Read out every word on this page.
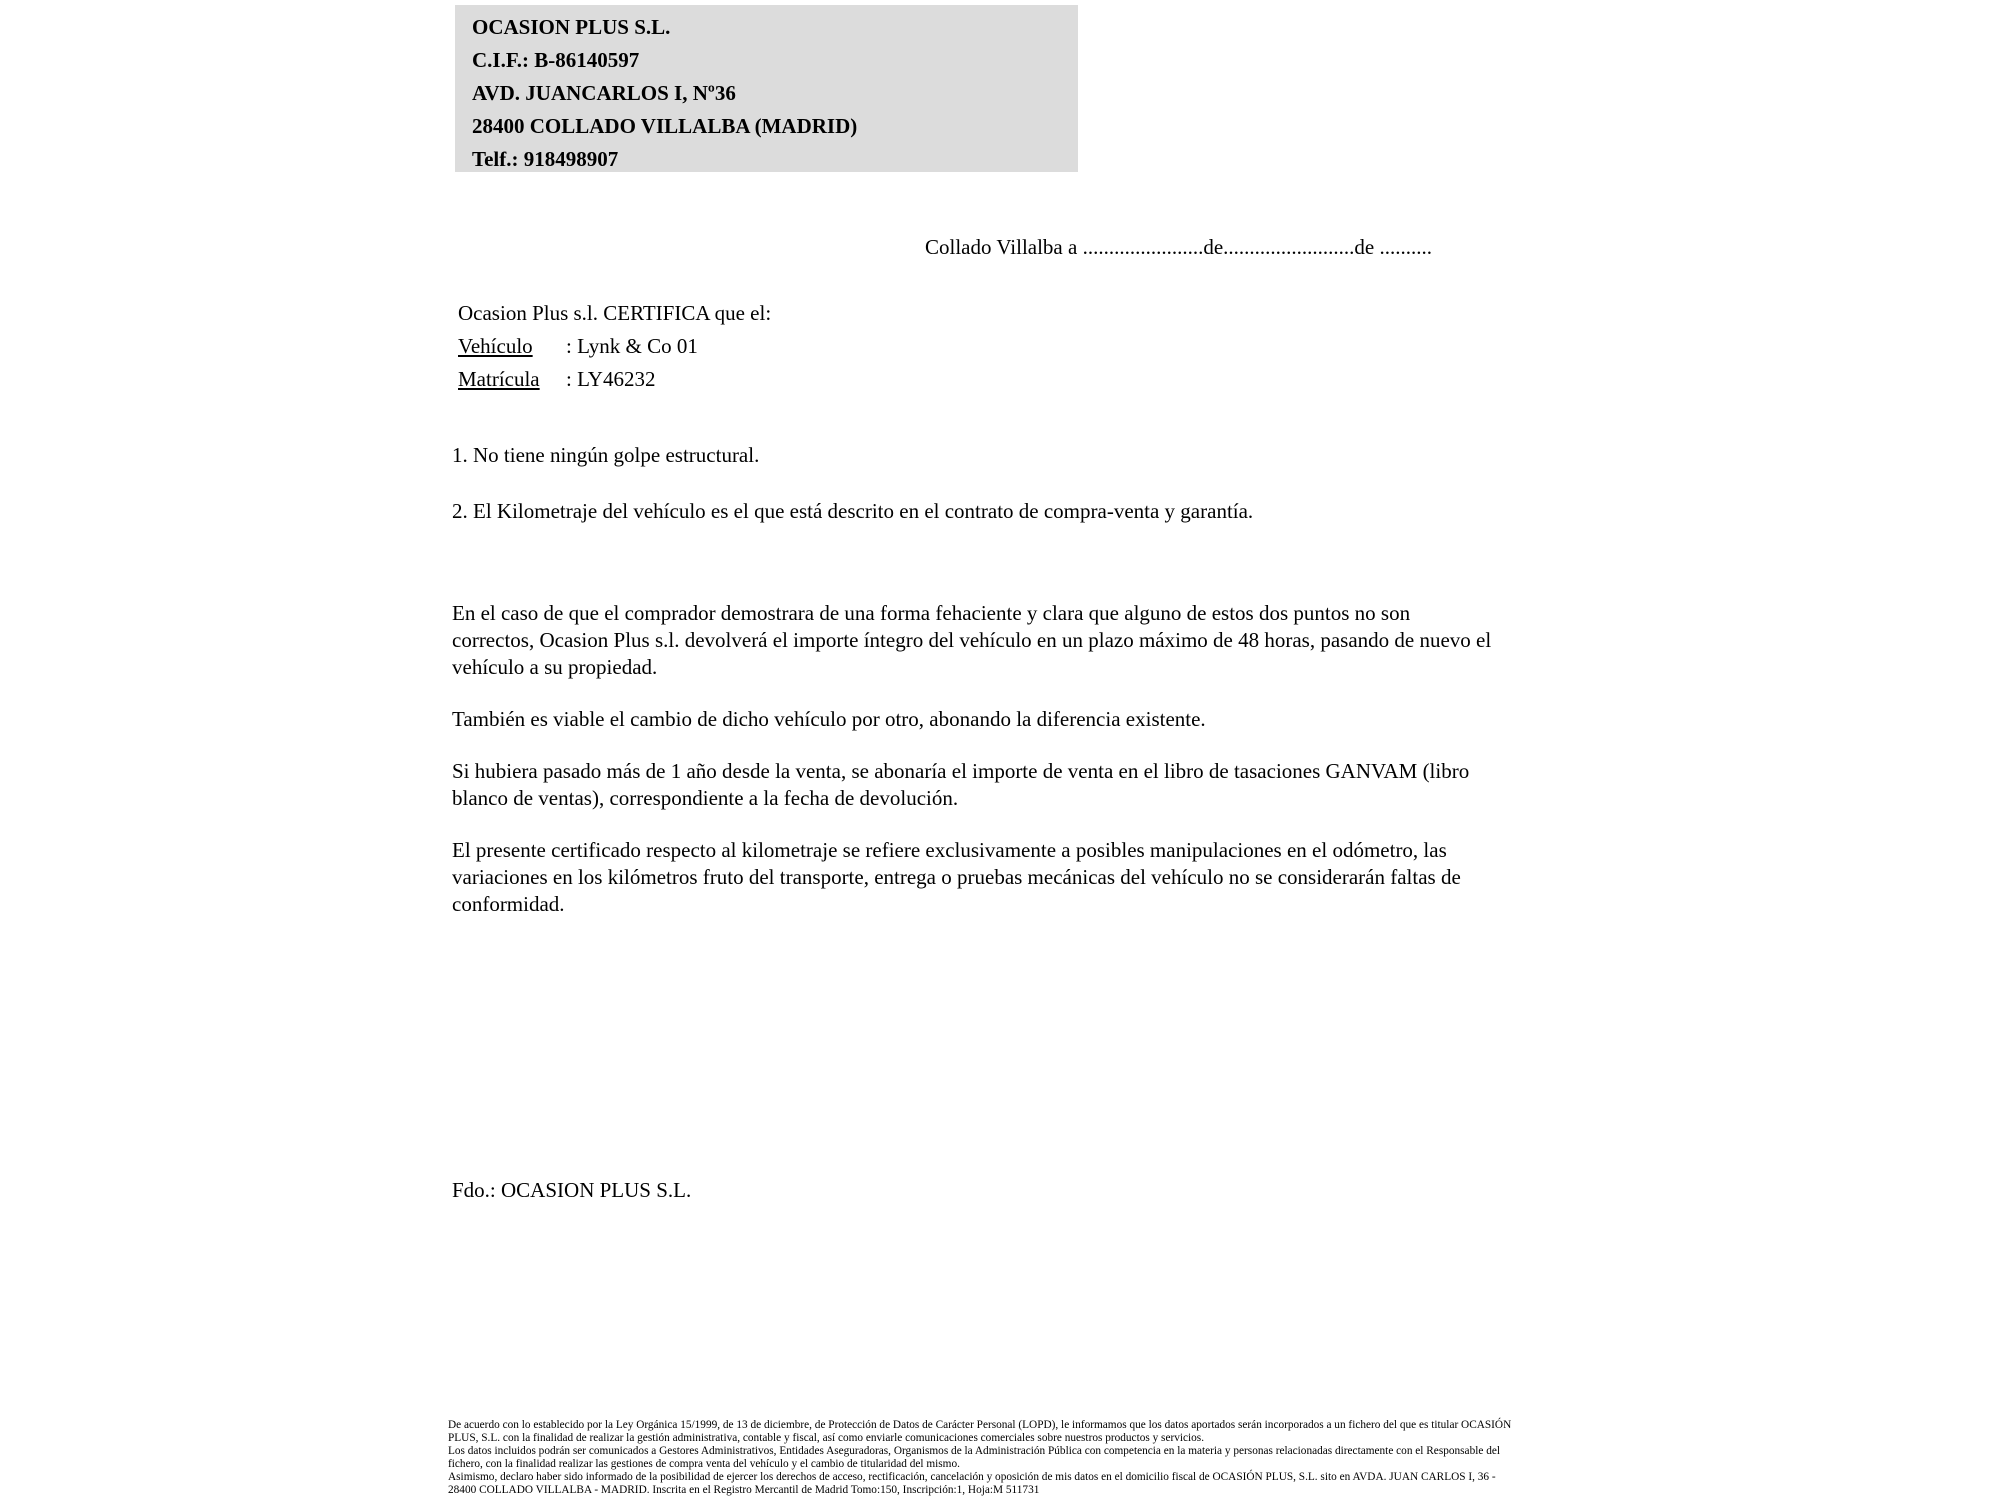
OCASION PLUS S.L.
C.I.F.: B-86140597
AVD. JUANCARLOS I, Nº36
28400 COLLADO VILLALBA (MADRID)
Telf.: 918498907
Collado Villalba a .......................de.........................de ..........
Ocasion Plus s.l. CERTIFICA que el:
Vehículo : Lynk & Co 01
Matrícula : LY46232

1. No tiene ningún golpe estructural.

2. El Kilometraje del vehículo es el que está descrito en el contrato de compra-venta y garantía.

En el caso de que el comprador demostrara de una forma fehaciente y clara que alguno de estos dos puntos no son correctos, Ocasion Plus s.l. devolverá el importe íntegro del vehículo en un plazo máximo de 48 horas, pasando de nuevo el vehículo a su propiedad.

También es viable el cambio de dicho vehículo por otro, abonando la diferencia existente.

Si hubiera pasado más de 1 año desde la venta, se abonaría el importe de venta en el libro de tasaciones GANVAM (libro blanco de ventas), correspondiente a la fecha de devolución.

El presente certificado respecto al kilometraje se refiere exclusivamente a posibles manipulaciones en el odómetro, las variaciones en los kilómetros fruto del transporte, entrega o pruebas mecánicas del vehículo no se considerarán faltas de conformidad.

Fdo.: OCASION PLUS S.L.

De acuerdo con lo establecido por la Ley Orgánica 15/1999, de 13 de diciembre, de Protección de Datos de Carácter Personal (LOPD), le informamos que los datos aportados serán incorporados a un fichero del que es titular OCASIÓN PLUS, S.L. con la finalidad de realizar la gestión administrativa, contable y fiscal, así como enviarle comunicaciones comerciales sobre nuestros productos y servicios.

Los datos incluidos podrán ser comunicados a Gestores Administrativos, Entidades Aseguradoras, Organismos de la Administración Pública con competencia en la materia y personas relacionadas directamente con el Responsable del fichero, con la finalidad realizar las gestiones de compra venta del vehículo y el cambio de titularidad del mismo.

Asimismo, declaro haber sido informado de la posibilidad de ejercer los derechos de acceso, rectificación, cancelación y oposición de mis datos en el domicilio fiscal de OCASIÓN PLUS, S.L. sito en AVDA. JUAN CARLOS I, 36 - 28400 COLLADO VILLALBA - MADRID. Inscrita en el Registro Mercantil de Madrid Tomo:150, Inscripción:1, Hoja:M 511731
